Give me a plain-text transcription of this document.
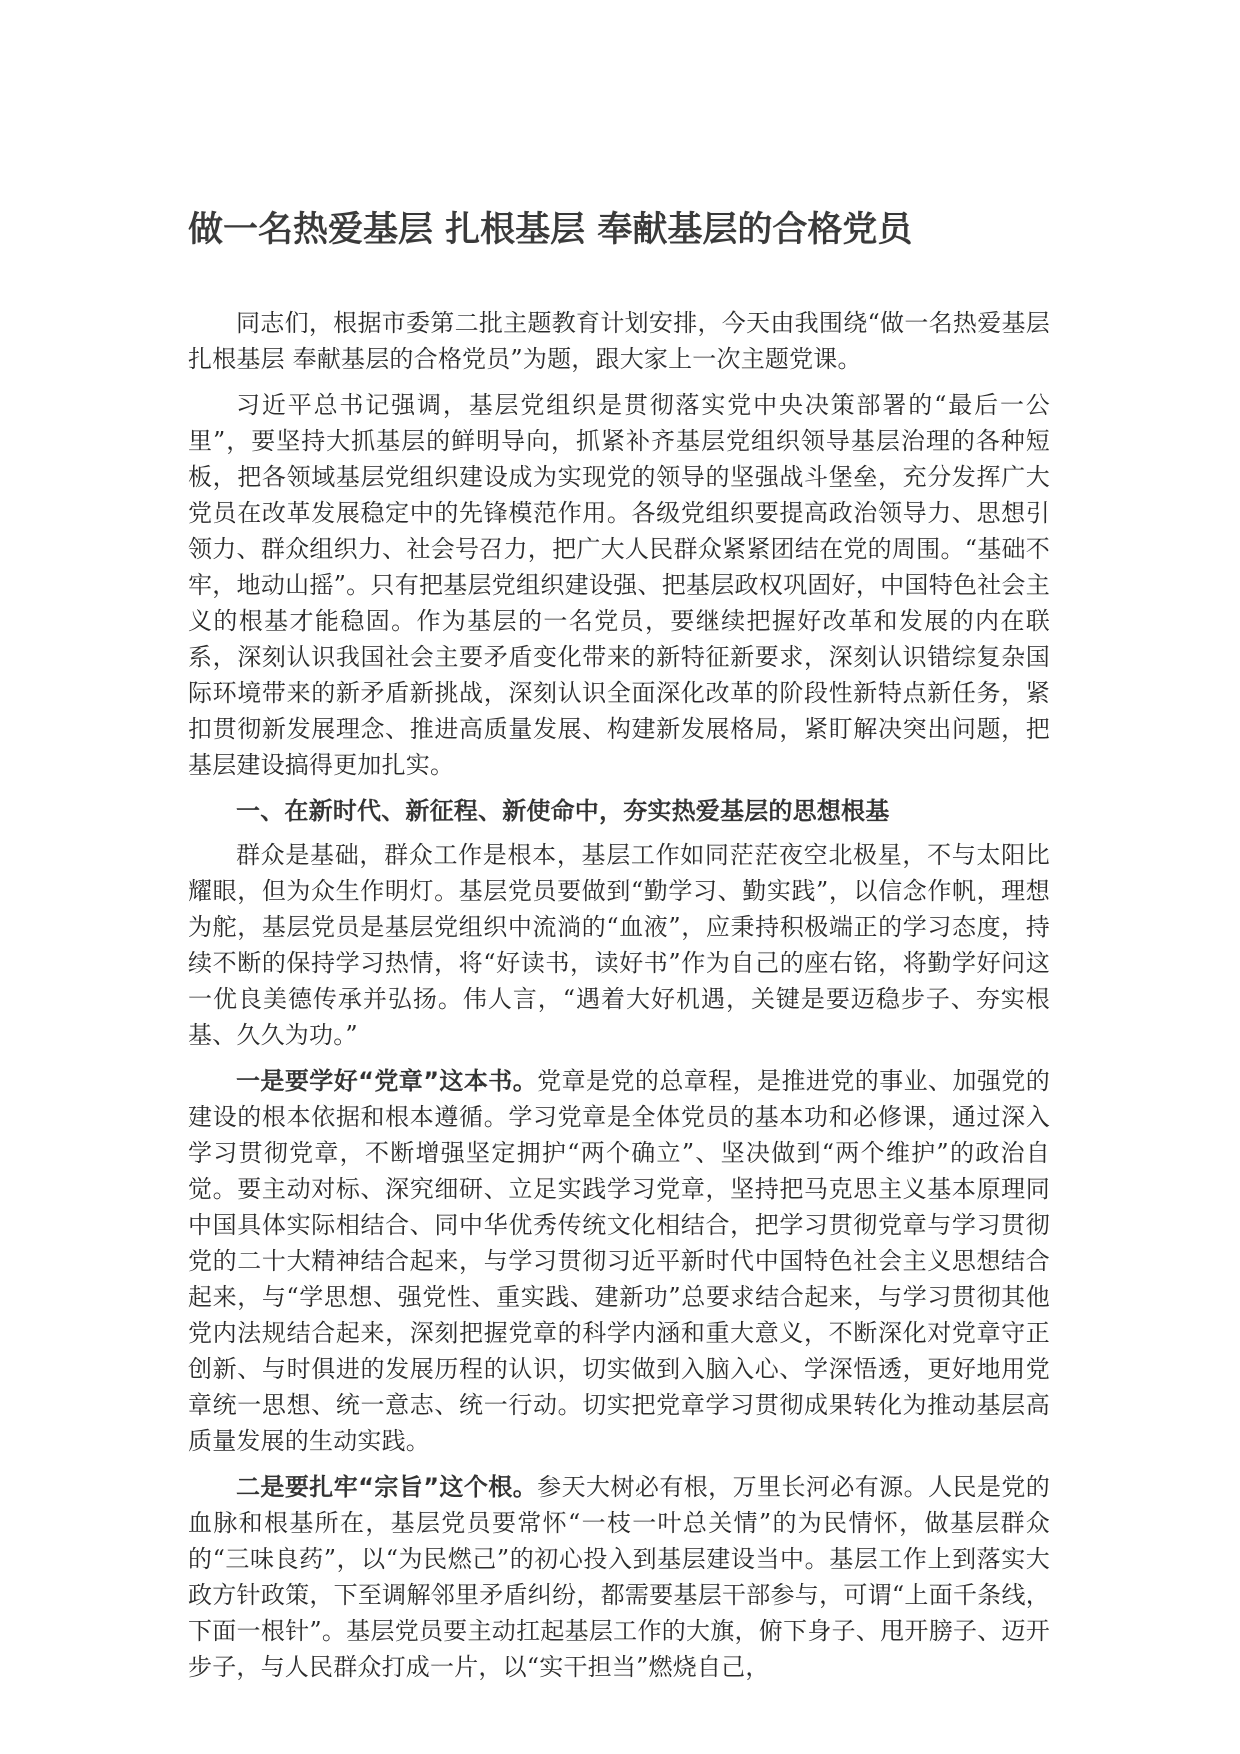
做一名热爱基层 扎根基层 奉献基层的合格党员

同志们，根据市委第二批主题教育计划安排，今天由我围绕“做一名热爱基层 扎根基层 奉献基层的合格党员”为题，跟大家上一次主题党课。

习近平总书记强调，基层党组织是贯彻落实党中央决策部署的“最后一公里”，要坚持大抓基层的鲜明导向，抓紧补齐基层党组织领导基层治理的各种短板，把各领域基层党组织建设成为实现党的领导的坚强战斗堡垒，充分发挥广大党员在改革发展稳定中的先锋模范作用。各级党组织要提高政治领导力、思想引领力、群众组织力、社会号召力，把广大人民群众紧紧团结在党的周围。“基础不牢，地动山摇”。只有把基层党组织建设强、把基层政权巩固好，中国特色社会主义的根基才能稳固。作为基层的一名党员，要继续把握好改革和发展的内在联系，深刻认识我国社会主要矛盾变化带来的新特征新要求，深刻认识错综复杂国际环境带来的新矛盾新挑战，深刻认识全面深化改革的阶段性新特点新任务，紧扣贯彻新发展理念、推进高质量发展、构建新发展格局，紧盯解决突出问题，把基层建设搞得更加扎实。

一、在新时代、新征程、新使命中，夯实热爱基层的思想根基

群众是基础，群众工作是根本，基层工作如同茫茫夜空北极星，不与太阳比耀眼，但为众生作明灯。基层党员要做到“勤学习、勤实践”，以信念作帆，理想为舵，基层党员是基层党组织中流淌的“血液”，应秉持积极端正的学习态度，持续不断的保持学习热情，将“好读书，读好书”作为自己的座右铭，将勤学好问这一优良美德传承并弘扬。伟人言，“遇着大好机遇，关键是要迈稳步子、夯实根基、久久为功。”

一是要学好“党章”这本书。党章是党的总章程，是推进党的事业、加强党的建设的根本依据和根本遵循。学习党章是全体党员的基本功和必修课，通过深入学习贯彻党章，不断增强坚定拥护“两个确立”、坚决做到“两个维护”的政治自觉。要主动对标、深究细研、立足实践学习党章，坚持把马克思主义基本原理同中国具体实际相结合、同中华优秀传统文化相结合，把学习贯彻党章与学习贯彻党的二十大精神结合起来，与学习贯彻习近平新时代中国特色社会主义思想结合起来，与“学思想、强党性、重实践、建新功”总要求结合起来，与学习贯彻其他党内法规结合起来，深刻把握党章的科学内涵和重大意义，不断深化对党章守正创新、与时俱进的发展历程的认识，切实做到入脑入心、学深悟透，更好地用党章统一思想、统一意志、统一行动。切实把党章学习贯彻成果转化为推动基层高质量发展的生动实践。

二是要扎牢“宗旨”这个根。参天大树必有根，万里长河必有源。人民是党的血脉和根基所在，基层党员要常怀“一枝一叶总关情”的为民情怀，做基层群众的“三味良药”，以“为民燃己”的初心投入到基层建设当中。基层工作上到落实大政方针政策，下至调解邻里矛盾纠纷，都需要基层干部参与，可谓“上面千条线，下面一根针”。基层党员要主动扛起基层工作的大旗，俯下身子、甩开膀子、迈开步子，与人民群众打成一片，以“实干担当”燃烧自己，
